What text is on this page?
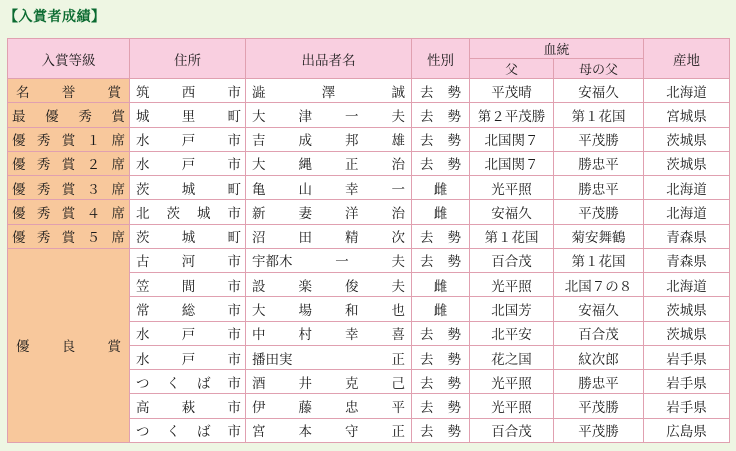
【入賞者成績】
入賞等級	住所	出品者名	性別	血統		産地
				父	母の父	

名 誉 賞	筑 西 市	澁 澤 誠	去 勢	平茂晴	安福久	北海道

最 優 秀 賞	城 里 町	大 津 一 夫	去 勢	第２平茂勝	第１花国	宮城県

優 秀 賞 １ 席	水 戸 市	吉 成 邦 雄	去 勢	北国関７	平茂勝	茨城県

優 秀 賞 ２ 席	水 戸 市	大 縄 正 治	去 勢	北国関７	勝忠平	茨城県

優 秀 賞 ３ 席	茨 城 町	亀 山 幸 一	雌	光平照	勝忠平	北海道

優 秀 賞 ４ 席	北 茨 城 市	新 妻 洋 治	雌	安福久	平茂勝	北海道

優 秀 賞 ５ 席	茨 城 町	沼 田 精 次	去 勢	第１花国	菊安舞鶴	青森県

優 良 賞	古 河 市	宇都木 一 夫	去 勢	百合茂	第１花国	青森県

	笠 間 市	設 楽 俊 夫	雌	光平照	北国７の８	北海道

	常 総 市	大 場 和 也	雌	北国芳	安福久	茨城県

	水 戸 市	中 村 幸 喜	去 勢	北平安	百合茂	茨城県

	水 戸 市	播田実 正	去 勢	花之国	紋次郎	岩手県

	つ く ば 市	酒 井 克 己	去 勢	光平照	勝忠平	岩手県

	高 萩 市	伊 藤 忠 平	去 勢	光平照	平茂勝	岩手県

	つ く ば 市	宮 本 守 正	去 勢	百合茂	平茂勝	広島県
